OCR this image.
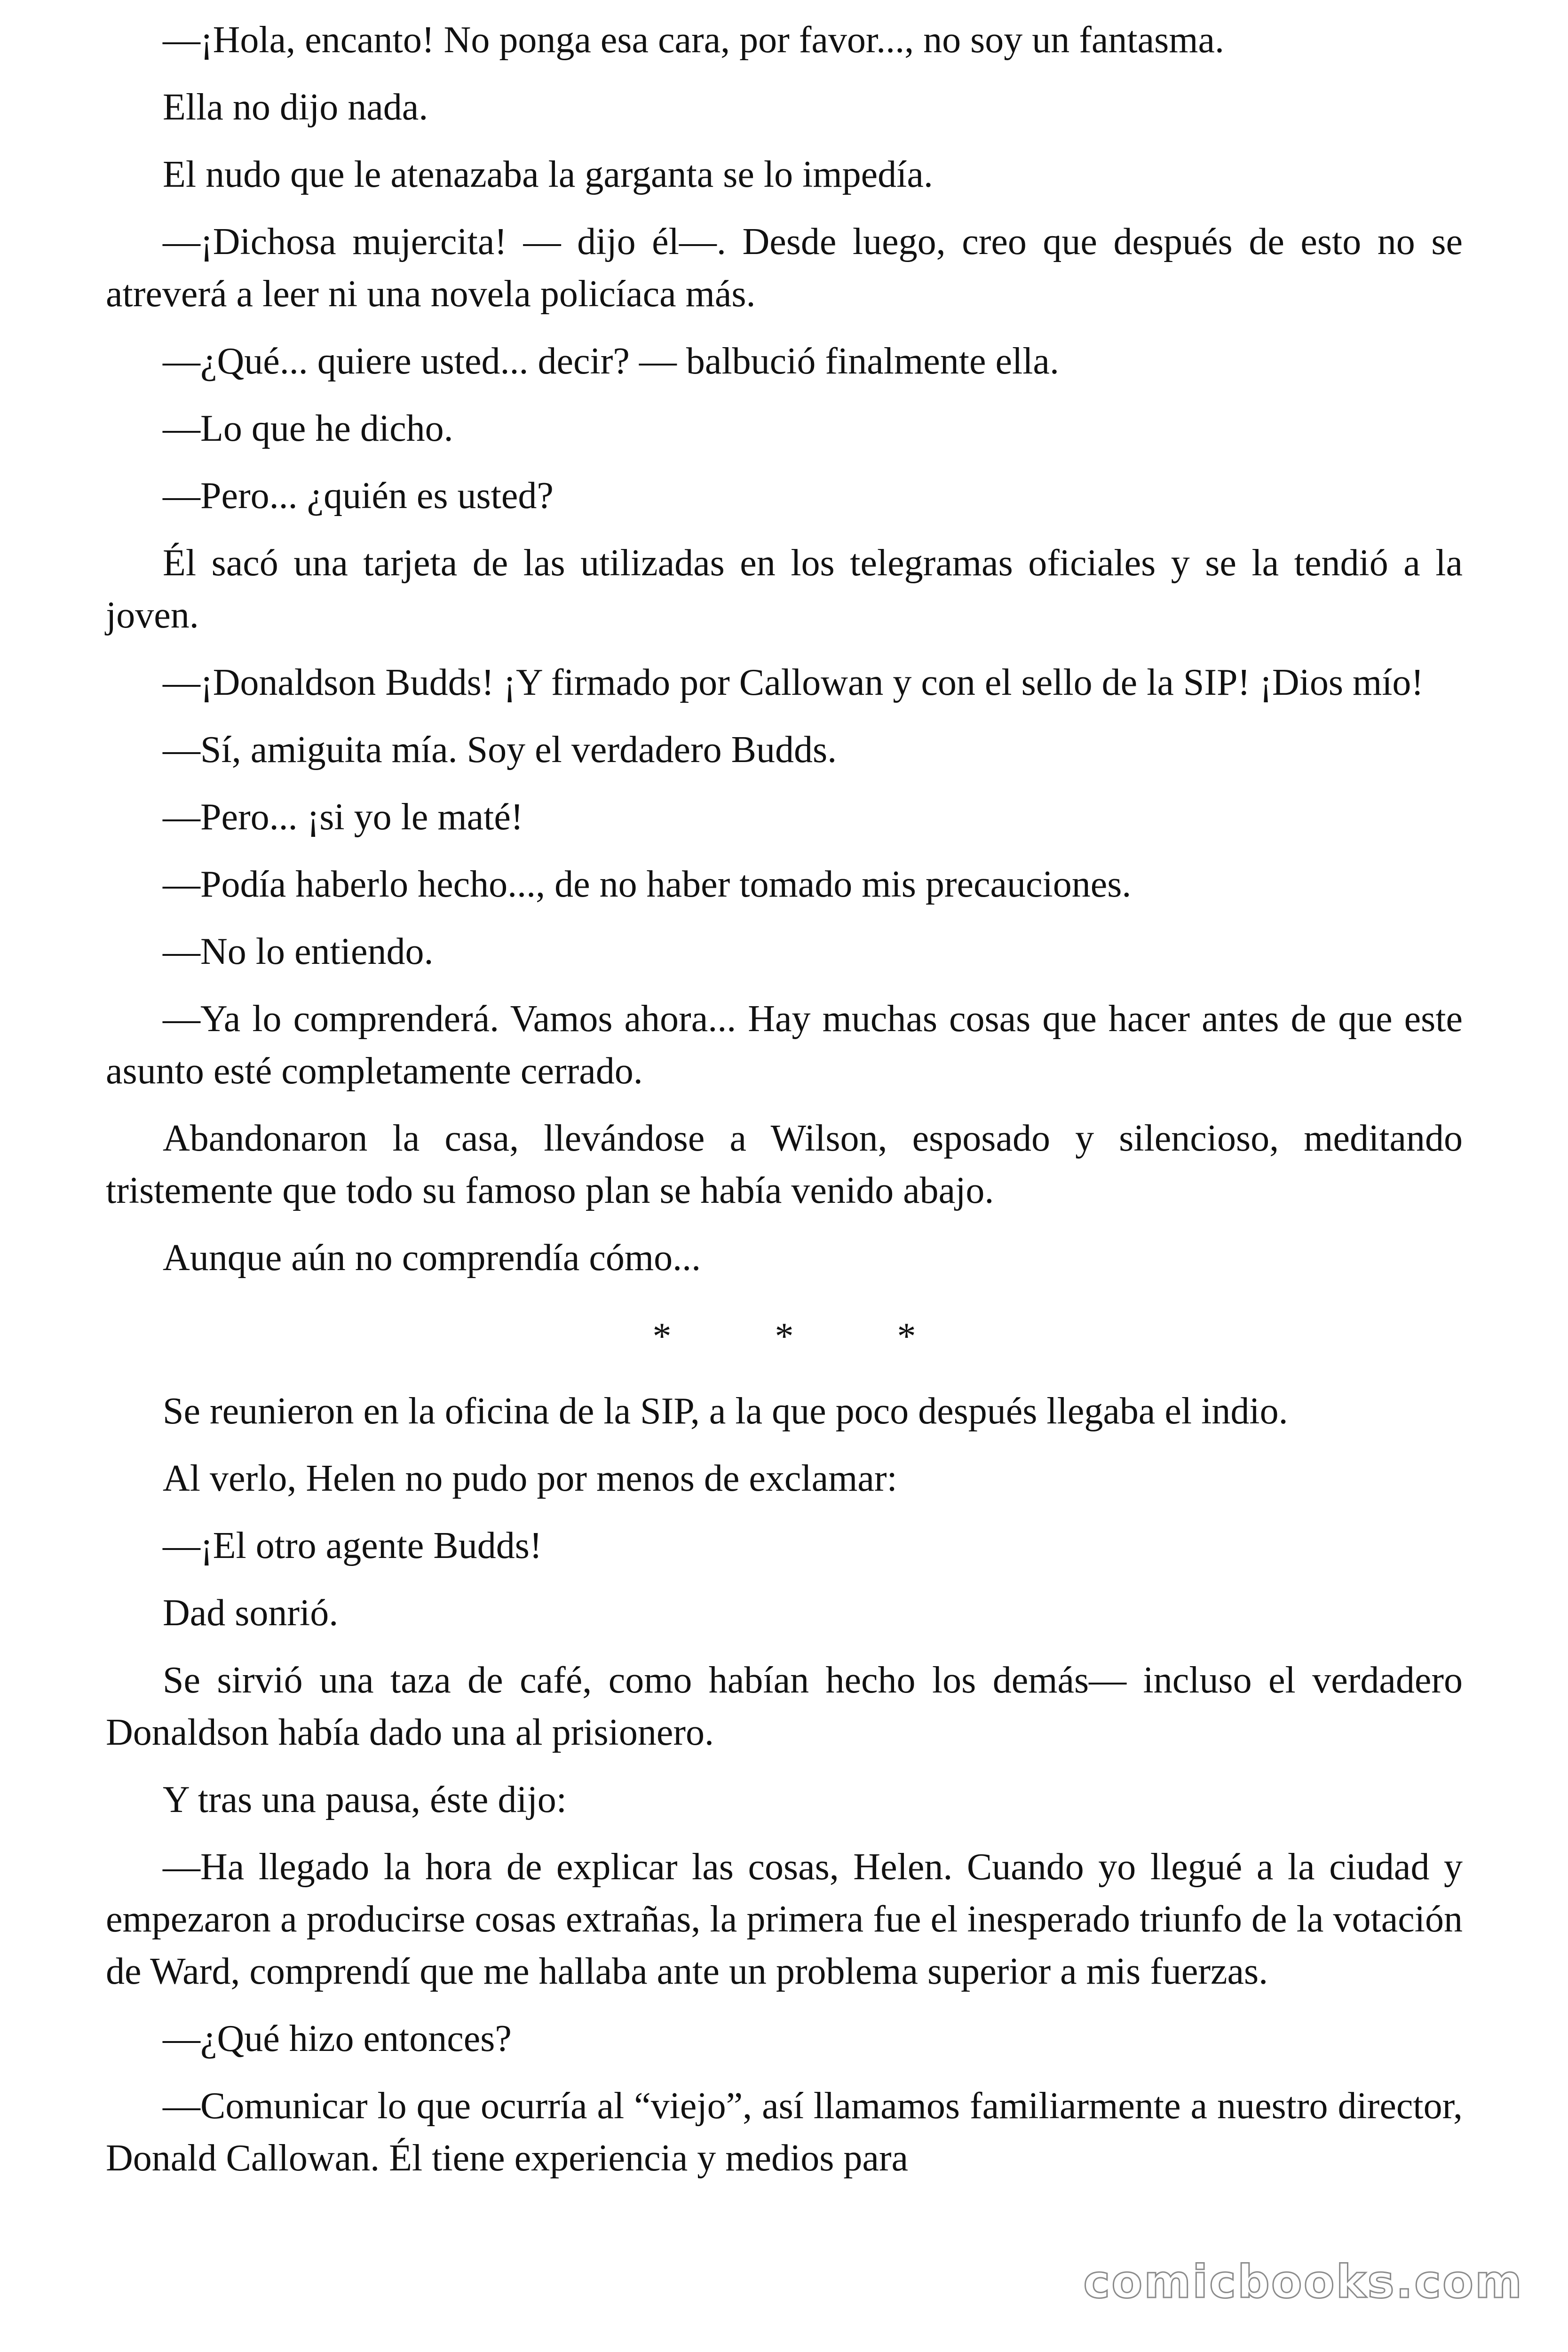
—¡Hola, encanto! No ponga esa cara, por favor..., no soy un fantasma.

Ella no dijo nada.

El nudo que le atenazaba la garganta se lo impedía.

—¡Dichosa mujercita! — dijo él—. Desde luego, creo que después de esto no se atreverá a leer ni una novela policíaca más.

—¿Qué... quiere usted... decir? — balbució finalmente ella.

—Lo que he dicho.

—Pero... ¿quién es usted?

Él sacó una tarjeta de las utilizadas en los telegramas oficiales y se la tendió a la joven.

—¡Donaldson Budds! ¡Y firmado por Callowan y con el sello de la SIP! ¡Dios mío!

—Sí, amiguita mía. Soy el verdadero Budds.

—Pero... ¡si yo le maté!

—Podía haberlo hecho..., de no haber tomado mis precauciones.

—No lo entiendo.

—Ya lo comprenderá. Vamos ahora... Hay muchas cosas que hacer antes de que este asunto esté completamente cerrado.

Abandonaron la casa, llevándose a Wilson, esposado y silencioso, meditando tristemente que todo su famoso plan se había venido abajo.

Aunque aún no comprendía cómo...

* * *

Se reunieron en la oficina de la SIP, a la que poco después llegaba el indio.

Al verlo, Helen no pudo por menos de exclamar:

—¡El otro agente Budds!

Dad sonrió.

Se sirvió una taza de café, como habían hecho los demás— incluso el verdadero Donaldson había dado una al prisionero.

Y tras una pausa, éste dijo:

—Ha llegado la hora de explicar las cosas, Helen. Cuando yo llegué a la ciudad y empezaron a producirse cosas extrañas, la primera fue el inesperado triunfo de la votación de Ward, comprendí que me hallaba ante un problema superior a mis fuerzas.

—¿Qué hizo entonces?

—Comunicar lo que ocurría al “viejo”, así llamamos familiarmente a nuestro director, Donald Callowan. Él tiene experiencia y medios para

comicbooks.com
